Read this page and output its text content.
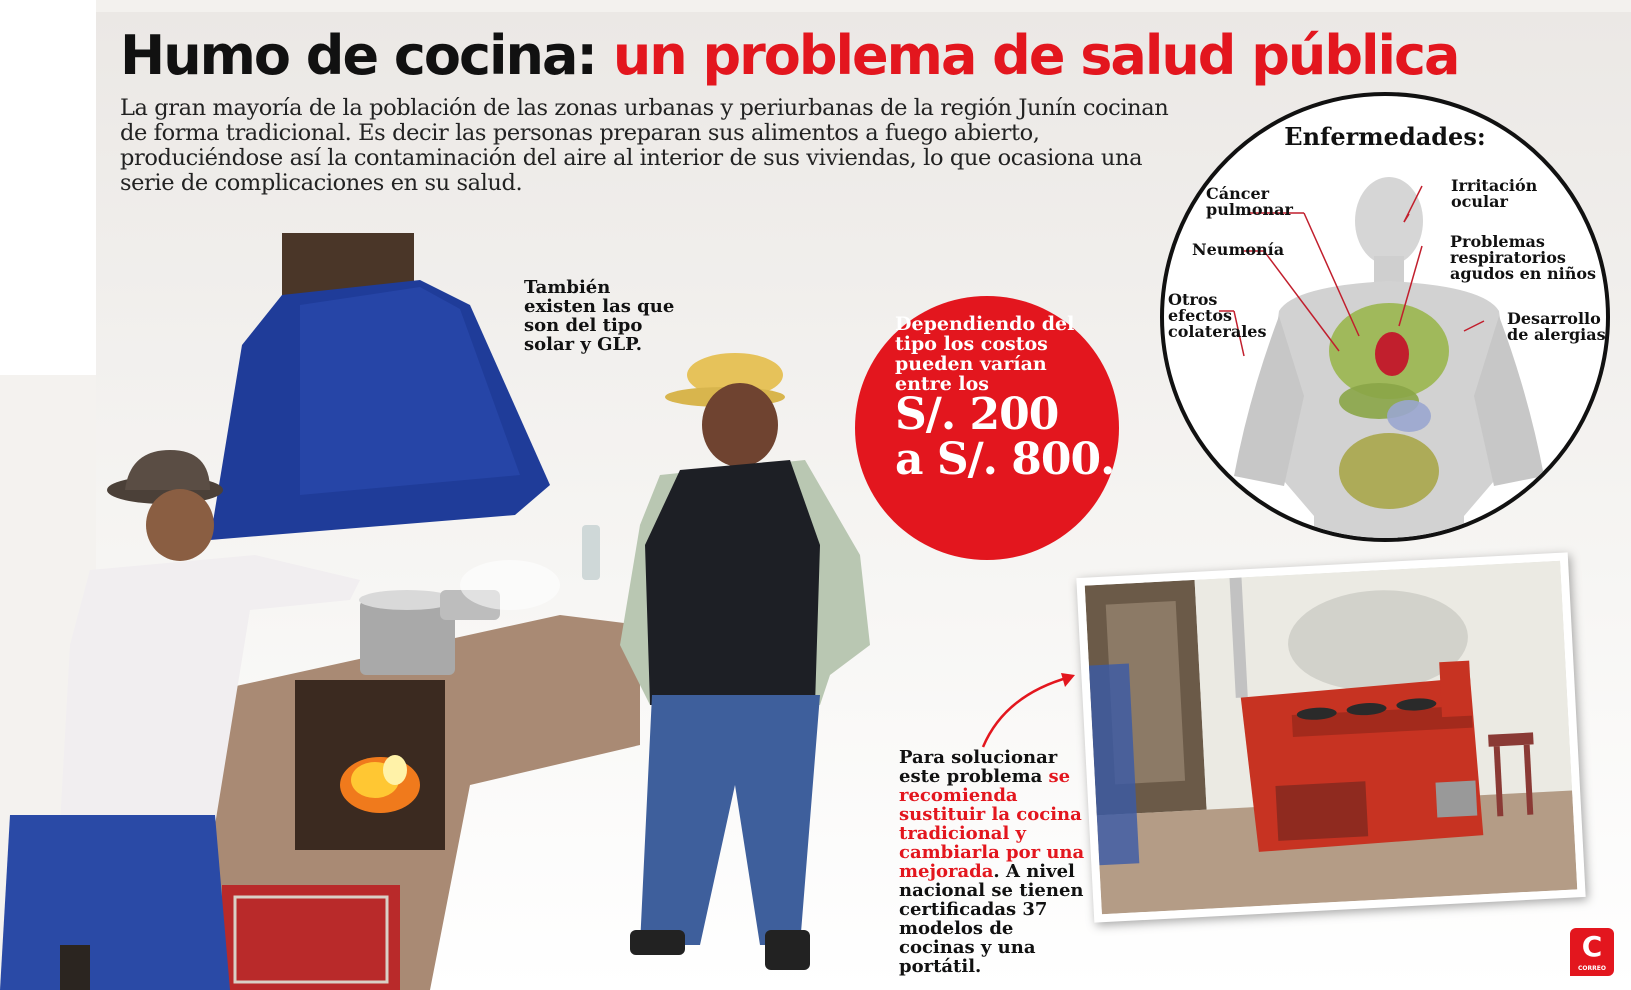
Humo de cocina: un problema de salud pública

La gran mayoría de la población de las zonas urbanas y periurbanas de la región Junín cocinan de forma tradicional. Es decir las personas preparan sus alimentos a fuego abierto, produciéndose así la contaminación del aire al interior de sus viviendas, lo que ocasiona una serie de complicaciones en su salud.

También existen las que son del tipo solar y GLP.
Dependiendo del tipo los costos pueden varían entre los
S/. 200
a S/. 800.
Enfermedades:
Cáncer pulmonar
Neumonía
Otros efectos colaterales
Irritación ocular
Problemas respiratorios agudos en niños
Desarrollo de alergias
Para solucionar este problema se recomienda sustituir la cocina tradicional y cambiarla por una mejorada. A nivel nacional se tienen certificadas 37 modelos de cocinas y una portátil.
C
CORREO
